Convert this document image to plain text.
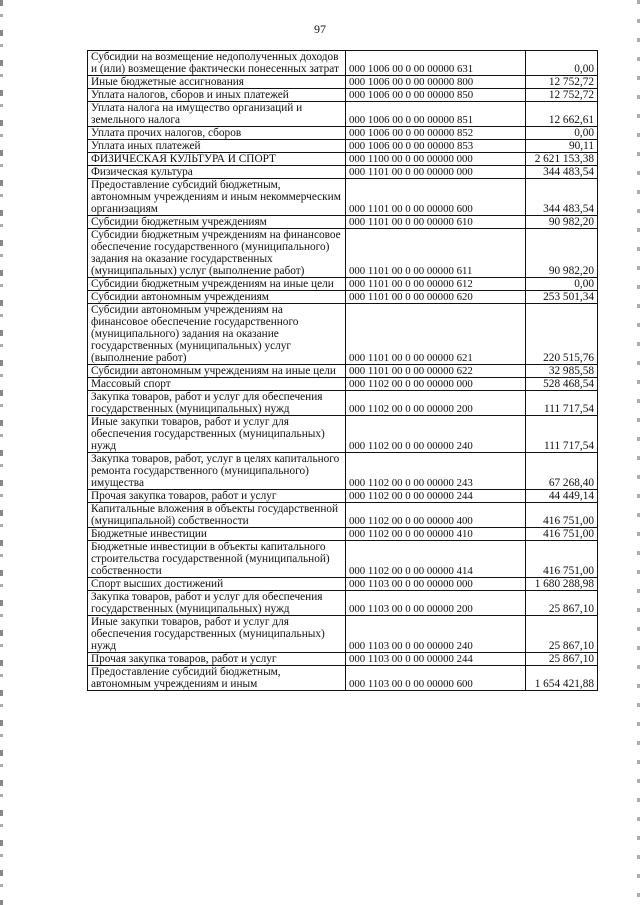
97
Субсидии на возмещение недополученных доходов и (или) возмещение фактически понесенных затрат	000 1006 00 0 00 00000 631	0,00
Иные бюджетные ассигнования	000 1006 00 0 00 00000 800	12 752,72
Уплата налогов, сборов и иных платежей	000 1006 00 0 00 00000 850	12 752,72
Уплата налога на имущество организаций и земельного налога	000 1006 00 0 00 00000 851	12 662,61
Уплата прочих налогов, сборов	000 1006 00 0 00 00000 852	0,00
Уплата иных платежей	000 1006 00 0 00 00000 853	90,11
ФИЗИЧЕСКАЯ КУЛЬТУРА И СПОРТ	000 1100 00 0 00 00000 000	2 621 153,38
Физическая культура	000 1101 00 0 00 00000 000	344 483,54
Предоставление субсидий бюджетным, автономным учреждениям и иным некоммерческим организациям	000 1101 00 0 00 00000 600	344 483,54
Субсидии бюджетным учреждениям	000 1101 00 0 00 00000 610	90 982,20
Субсидии бюджетным учреждениям на финансовое обеспечение государственного (муниципального) задания на оказание государственных (муниципальных) услуг (выполнение работ)	000 1101 00 0 00 00000 611	90 982,20
Субсидии бюджетным учреждениям на иные цели	000 1101 00 0 00 00000 612	0,00
Субсидии автономным учреждениям	000 1101 00 0 00 00000 620	253 501,34
Субсидии автономным учреждениям на финансовое обеспечение государственного (муниципального) задания на оказание государственных (муниципальных) услуг (выполнение работ)	000 1101 00 0 00 00000 621	220 515,76
Субсидии автономным учреждениям на иные цели	000 1101 00 0 00 00000 622	32 985,58
Массовый спорт	000 1102 00 0 00 00000 000	528 468,54
Закупка товаров, работ и услуг для обеспечения государственных (муниципальных) нужд	000 1102 00 0 00 00000 200	111 717,54
Иные закупки товаров, работ и услуг для обеспечения государственных (муниципальных) нужд	000 1102 00 0 00 00000 240	111 717,54
Закупка товаров, работ, услуг в целях капитального ремонта государственного (муниципального) имущества	000 1102 00 0 00 00000 243	67 268,40
Прочая закупка товаров, работ и услуг	000 1102 00 0 00 00000 244	44 449,14
Капитальные вложения в объекты государственной (муниципальной) собственности	000 1102 00 0 00 00000 400	416 751,00
Бюджетные инвестиции	000 1102 00 0 00 00000 410	416 751,00
Бюджетные инвестиции в объекты капитального строительства государственной (муниципальной) собственности	000 1102 00 0 00 00000 414	416 751,00
Спорт высших достижений	000 1103 00 0 00 00000 000	1 680 288,98
Закупка товаров, работ и услуг для обеспечения государственных (муниципальных) нужд	000 1103 00 0 00 00000 200	25 867,10
Иные закупки товаров, работ и услуг для обеспечения государственных (муниципальных) нужд	000 1103 00 0 00 00000 240	25 867,10
Прочая закупка товаров, работ и услуг	000 1103 00 0 00 00000 244	25 867,10
Предоставление субсидий бюджетным, автономным учреждениям и иным	000 1103 00 0 00 00000 600	1 654 421,88
